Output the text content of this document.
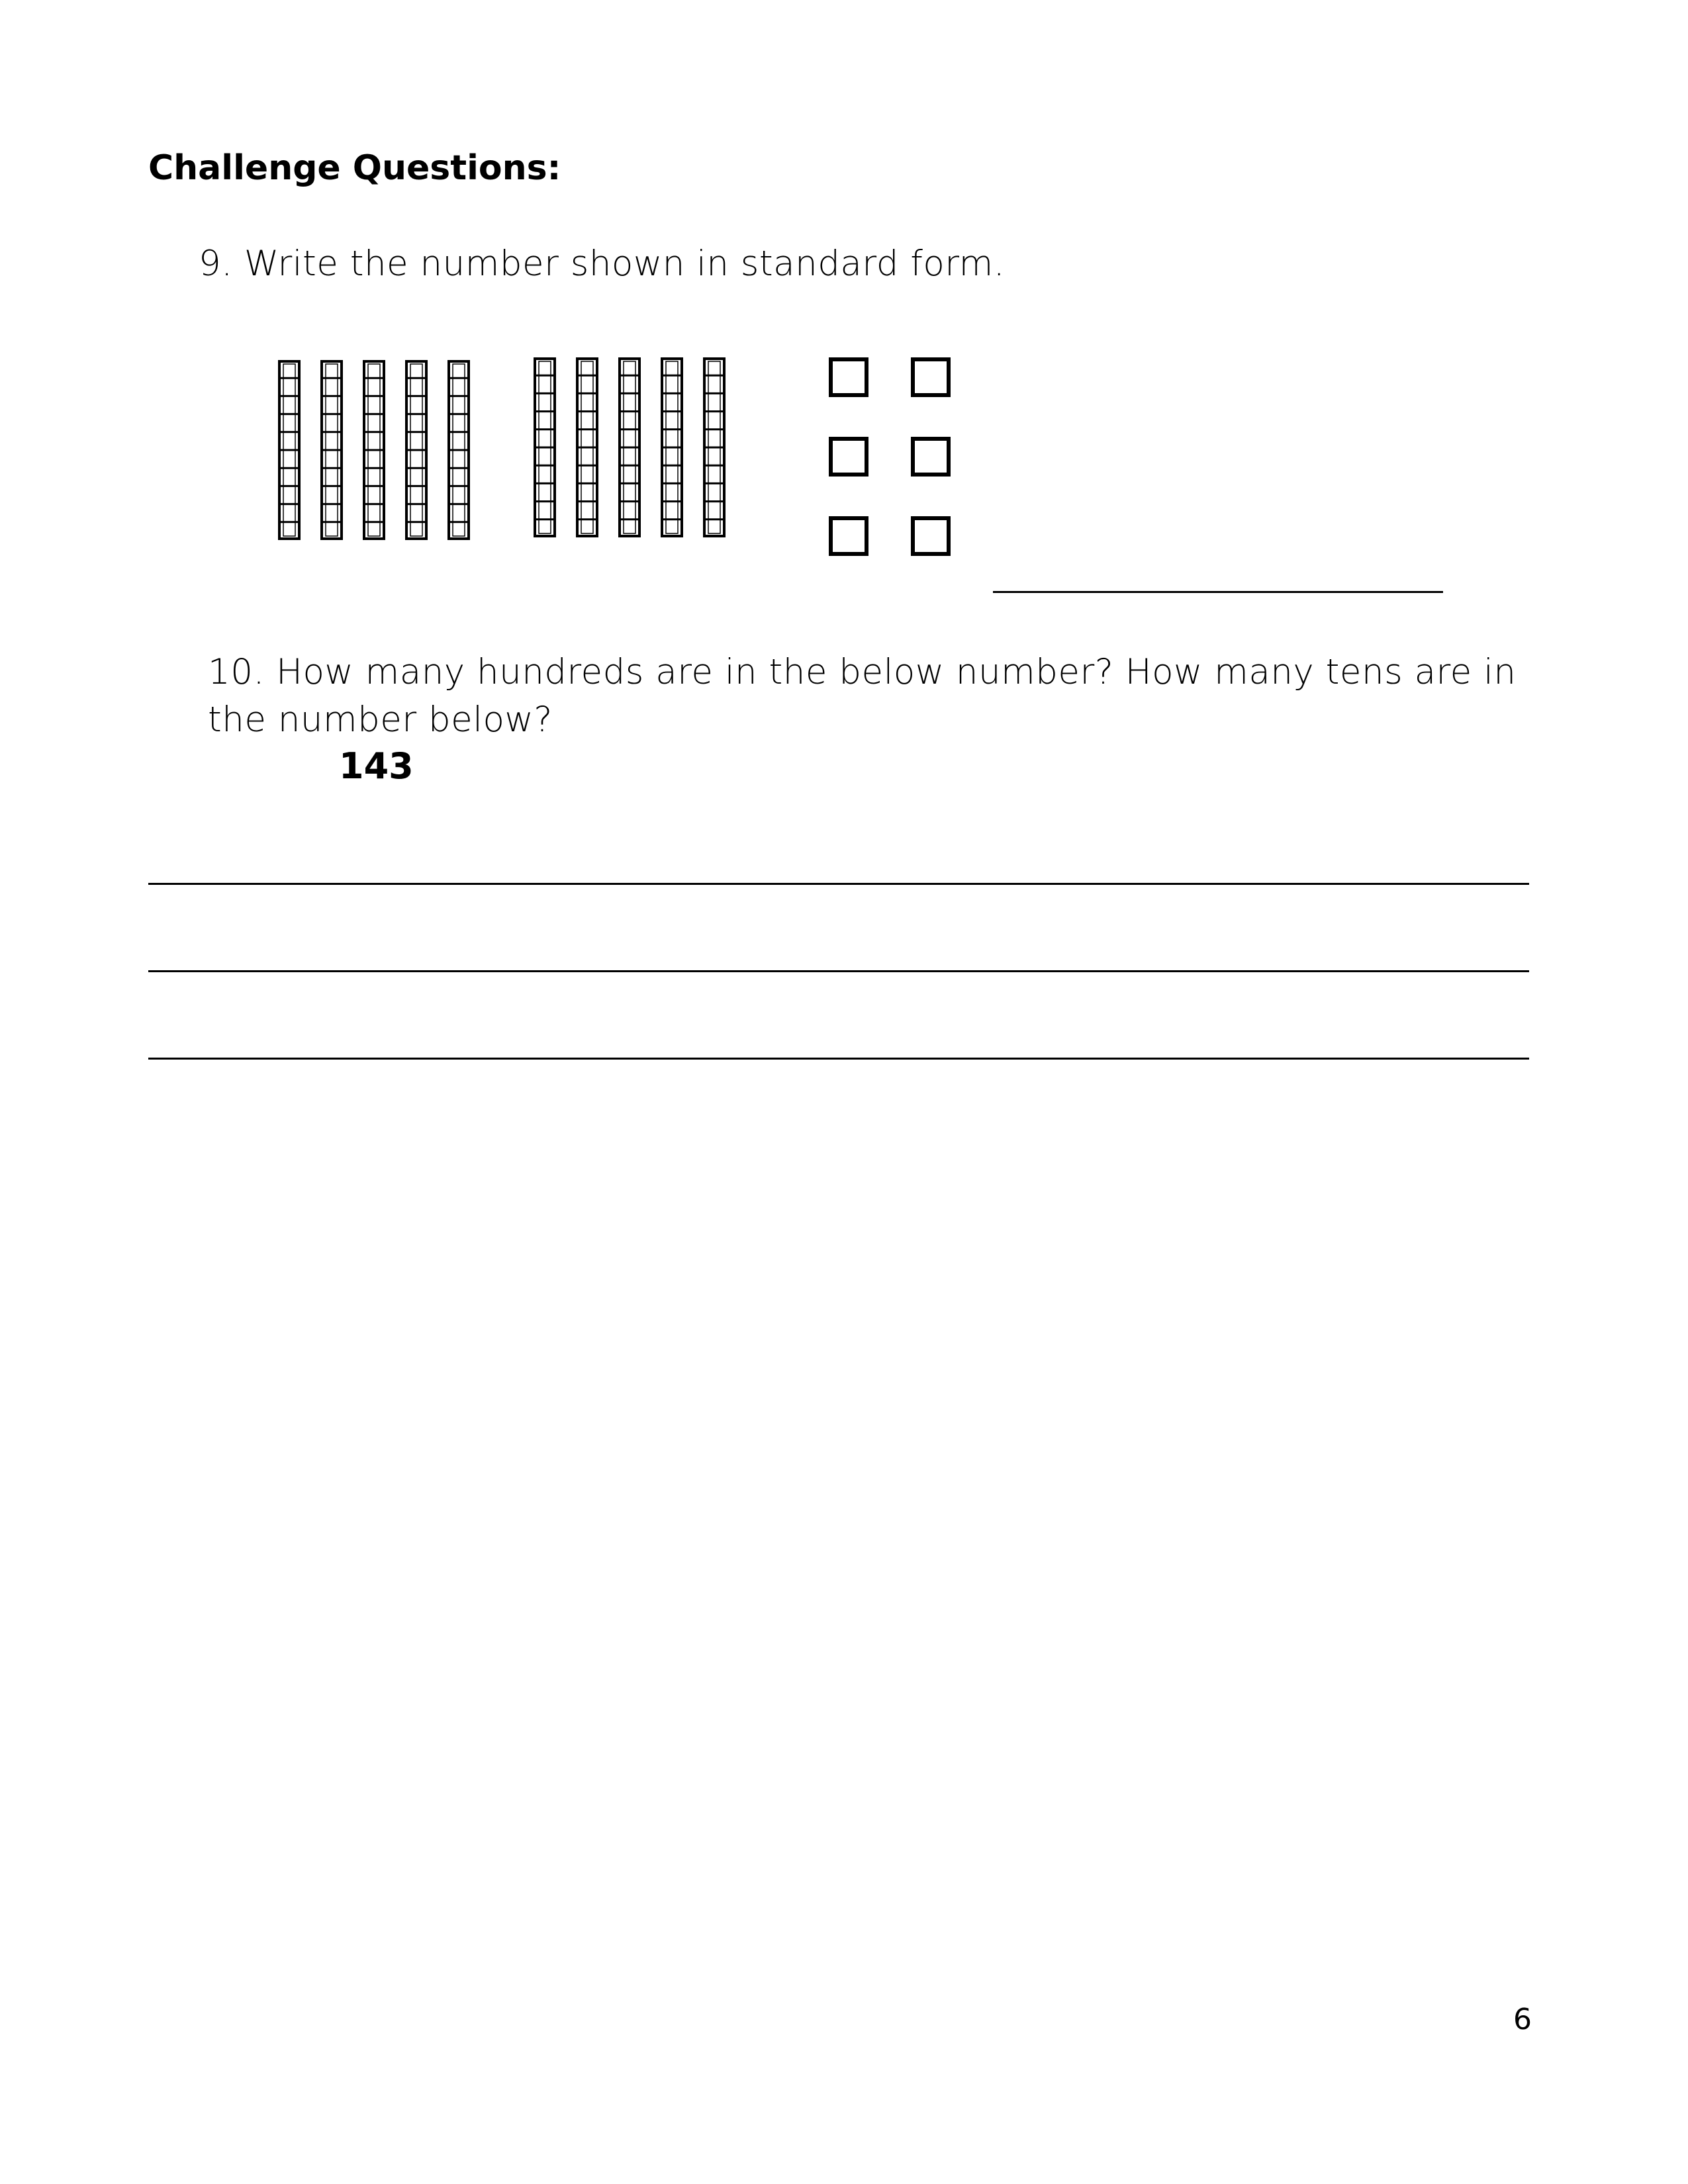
Challenge Questions:
9. Write the number shown in standard form.
10. How many hundreds are in the below number? How many tens are in the number below?
143
6
